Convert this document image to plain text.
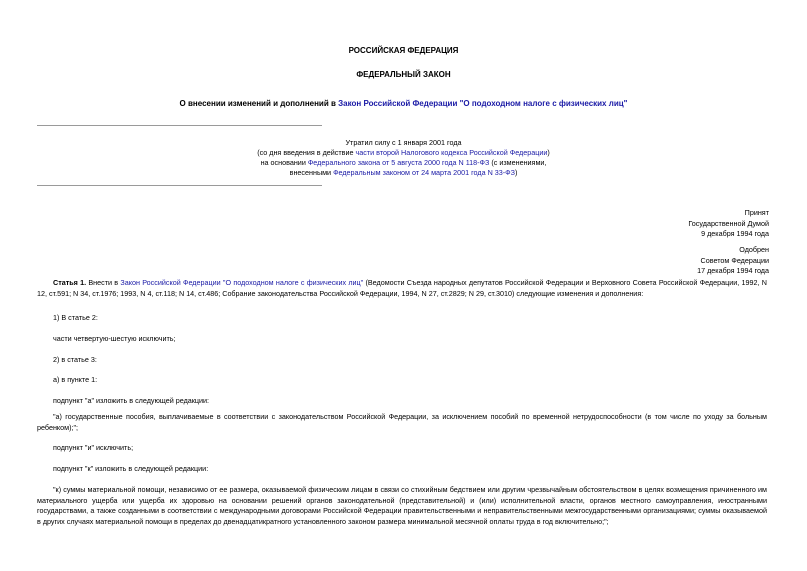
РОССИЙСКАЯ ФЕДЕРАЦИЯ
ФЕДЕРАЛЬНЫЙ ЗАКОН
О внесении изменений и дополнений в Закон Российской Федерации "О подоходном налоге с физических лиц"
Утратил силу с 1 января 2001 года
(со дня введения в действие части второй Налогового кодекса Российской Федерации)
на основании Федерального закона от 5 августа 2000 года N 118-ФЗ (с изменениями,
внесенными Федеральным законом от 24 марта 2001 года N 33-ФЗ)
Принят
Государственной Думой
9 декабря 1994 года
Одобрен
Советом Федерации
17 декабря 1994 года
Статья 1. Внести в Закон Российской Федерации "О подоходном налоге с физических лиц" (Ведомости Съезда народных депутатов Российской Федерации и Верховного Совета Российской Федерации, 1992, N 12, ст.591; N 34, ст.1976; 1993, N 4, ст.118; N 14, ст.486; Собрание законодательства Российской Федерации, 1994, N 27, ст.2829; N 29, ст.3010) следующие изменения и дополнения:
1) В статье 2:
части четвертую-шестую исключить;
2) в статье 3:
а) в пункте 1:
подпункт "а" изложить в следующей редакции:
"а) государственные пособия, выплачиваемые в соответствии с законодательством Российской Федерации, за исключением пособий по временной нетрудоспособности (в том числе по уходу за больным ребенком);";
подпункт "и" исключить;
подпункт "к" изложить в следующей редакции:
"к) суммы материальной помощи, независимо от ее размера, оказываемой физическим лицам в связи со стихийным бедствием или другим чрезвычайным обстоятельством в целях возмещения причиненного им материального ущерба или ущерба их здоровью на основании решений органов законодательной (представительной) и (или) исполнительной власти, органов местного самоуправления, иностранными государствами, а также созданными в соответствии с международными договорами Российской Федерации правительственными и неправительственными межгосударственными организациями; суммы оказываемой в других случаях материальной помощи в пределах до двенадцатикратного установленного законом размера минимальной месячной оплаты труда в год включительно;";
